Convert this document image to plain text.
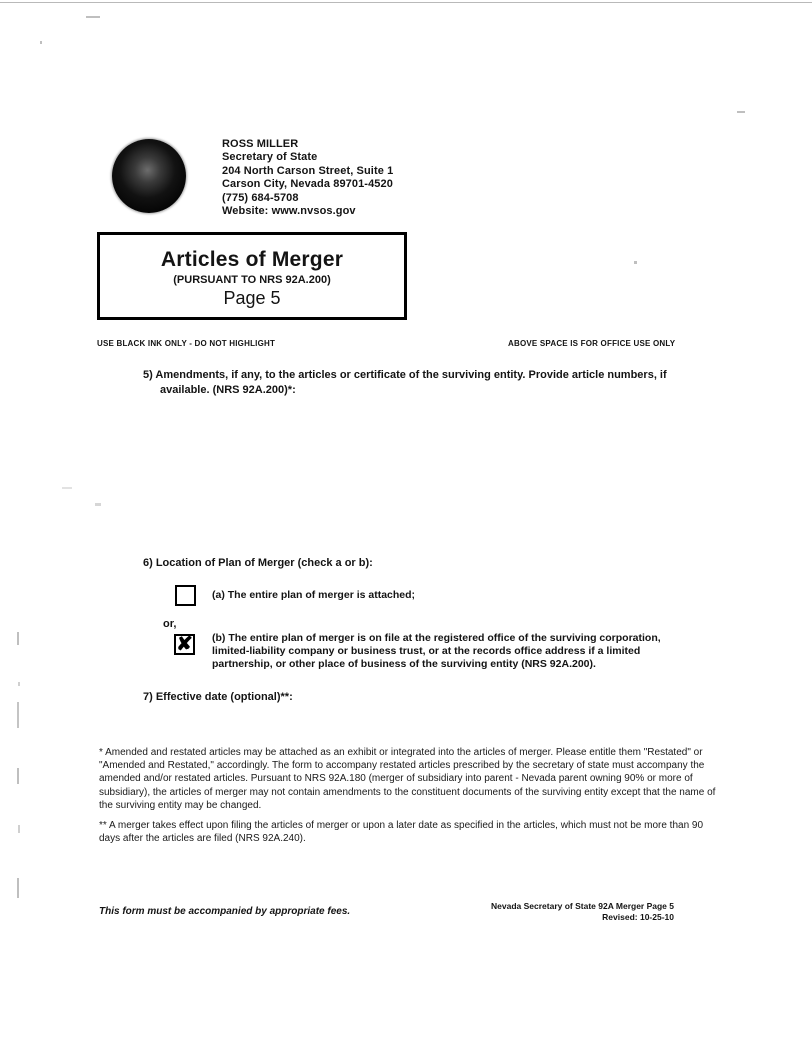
ROSS MILLER
Secretary of State
204 North Carson Street, Suite 1
Carson City, Nevada 89701-4520
(775) 684-5708
Website: www.nvsos.gov
Articles of Merger
(PURSUANT TO NRS 92A.200)
Page 5
USE BLACK INK ONLY - DO NOT HIGHLIGHT	ABOVE SPACE IS FOR OFFICE USE ONLY
5) Amendments, if any, to the articles or certificate of the surviving entity. Provide article numbers, if available. (NRS 92A.200)*:
6) Location of Plan of Merger (check a or b):
(a) The entire plan of merger is attached;
or,
✘ (b) The entire plan of merger is on file at the registered office of the surviving corporation, limited-liability company or business trust, or at the records office address if a limited partnership, or other place of business of the surviving entity (NRS 92A.200).
7) Effective date (optional)**:
* Amended and restated articles may be attached as an exhibit or integrated into the articles of merger. Please entitle them "Restated" or "Amended and Restated," accordingly. The form to accompany restated articles prescribed by the secretary of state must accompany the amended and/or restated articles. Pursuant to NRS 92A.180 (merger of subsidiary into parent - Nevada parent owning 90% or more of subsidiary), the articles of merger may not contain amendments to the constituent documents of the surviving entity except that the name of the surviving entity may be changed.
** A merger takes effect upon filing the articles of merger or upon a later date as specified in the articles, which must not be more than 90 days after the articles are filed (NRS 92A.240).
This form must be accompanied by appropriate fees.	Nevada Secretary of State 92A Merger Page 5
Revised: 10-25-10
